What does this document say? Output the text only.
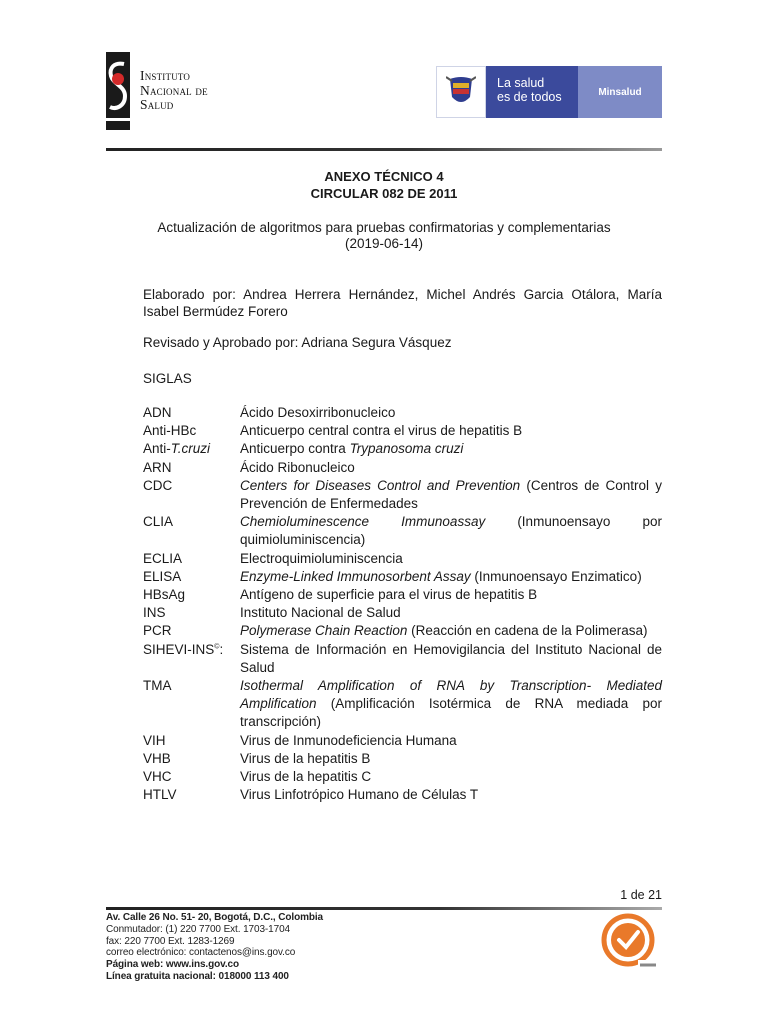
Instituto
Nacional de
Salud
La salud
es de todos	Minsalud
ANEXO TÉCNICO 4
CIRCULAR 082 DE 2011
Actualización de algoritmos para pruebas confirmatorias y complementarias
(2019-06-14)
Elaborado por: Andrea Herrera Hernández, Michel Andrés Garcia Otálora, María Isabel Bermúdez Forero
Revisado y Aprobado por: Adriana Segura Vásquez
SIGLAS
ADN	Ácido Desoxirribonucleico
Anti-HBc	Anticuerpo central contra el virus de hepatitis B
Anti-T.cruzi	Anticuerpo contra Trypanosoma cruzi
ARN	Ácido Ribonucleico
CDC	Centers for Diseases Control and Prevention (Centros de Control y Prevención de Enfermedades
CLIA	Chemioluminescence Immunoassay (Inmunoensayo por quimioluminiscencia)
ECLIA	Electroquimioluminiscencia
ELISA	Enzyme-Linked Immunosorbent Assay (Inmunoensayo Enzimatico)
HBsAg	Antígeno de superficie para el virus de hepatitis B
INS	Instituto Nacional de Salud
PCR	Polymerase Chain Reaction (Reacción en cadena de la Polimerasa)
SIHEVI-INS©:	Sistema de Información en Hemovigilancia del Instituto Nacional de Salud
TMA	Isothermal Amplification of RNA by Transcription- Mediated Amplification (Amplificación Isotérmica de RNA mediada por transcripción)
VIH	Virus de Inmunodeficiencia Humana
VHB	Virus de la hepatitis B
VHC	Virus de la hepatitis C
HTLV	Virus Linfotrópico Humano de Células T
1 de 21
Av. Calle 26 No. 51- 20, Bogotá, D.C., Colombia
Conmutador: (1) 220 7700 Ext. 1703-1704
fax: 220 7700 Ext. 1283-1269
correo electrónico: contactenos@ins.gov.co
Página web: www.ins.gov.co
Línea gratuita nacional: 018000 113 400
